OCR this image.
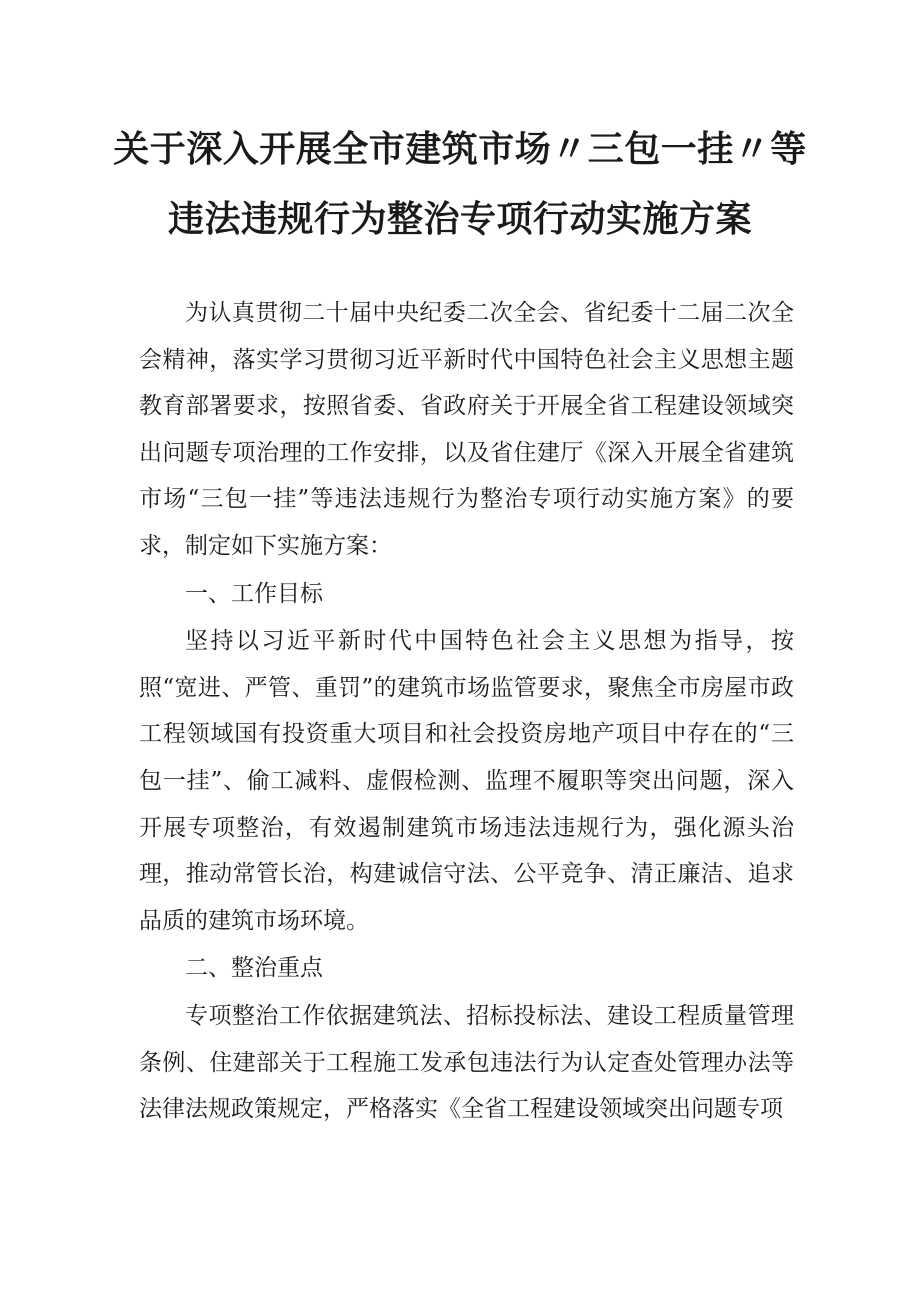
关于深入开展全市建筑市场〃三包一挂〃等
违法违规行为整治专项行动实施方案

为认真贯彻二十届中央纪委二次全会、省纪委十二届二次全会精神，落实学习贯彻习近平新时代中国特色社会主义思想主题教育部署要求，按照省委、省政府关于开展全省工程建设领域突出问题专项治理的工作安排，以及省住建厅《深入开展全省建筑市场“三包一挂”等违法违规行为整治专项行动实施方案》的要求，制定如下实施方案：

一、工作目标

坚持以习近平新时代中国特色社会主义思想为指导，按照“宽进、严管、重罚”的建筑市场监管要求，聚焦全市房屋市政工程领域国有投资重大项目和社会投资房地产项目中存在的“三包一挂”、偷工减料、虚假检测、监理不履职等突出问题，深入开展专项整治，有效遏制建筑市场违法违规行为，强化源头治理，推动常管长治，构建诚信守法、公平竞争、清正廉洁、追求品质的建筑市场环境。

二、整治重点

专项整治工作依据建筑法、招标投标法、建设工程质量管理条例、住建部关于工程施工发承包违法行为认定查处管理办法等法律法规政策规定，严格落实《全省工程建设领域突出问题专项
